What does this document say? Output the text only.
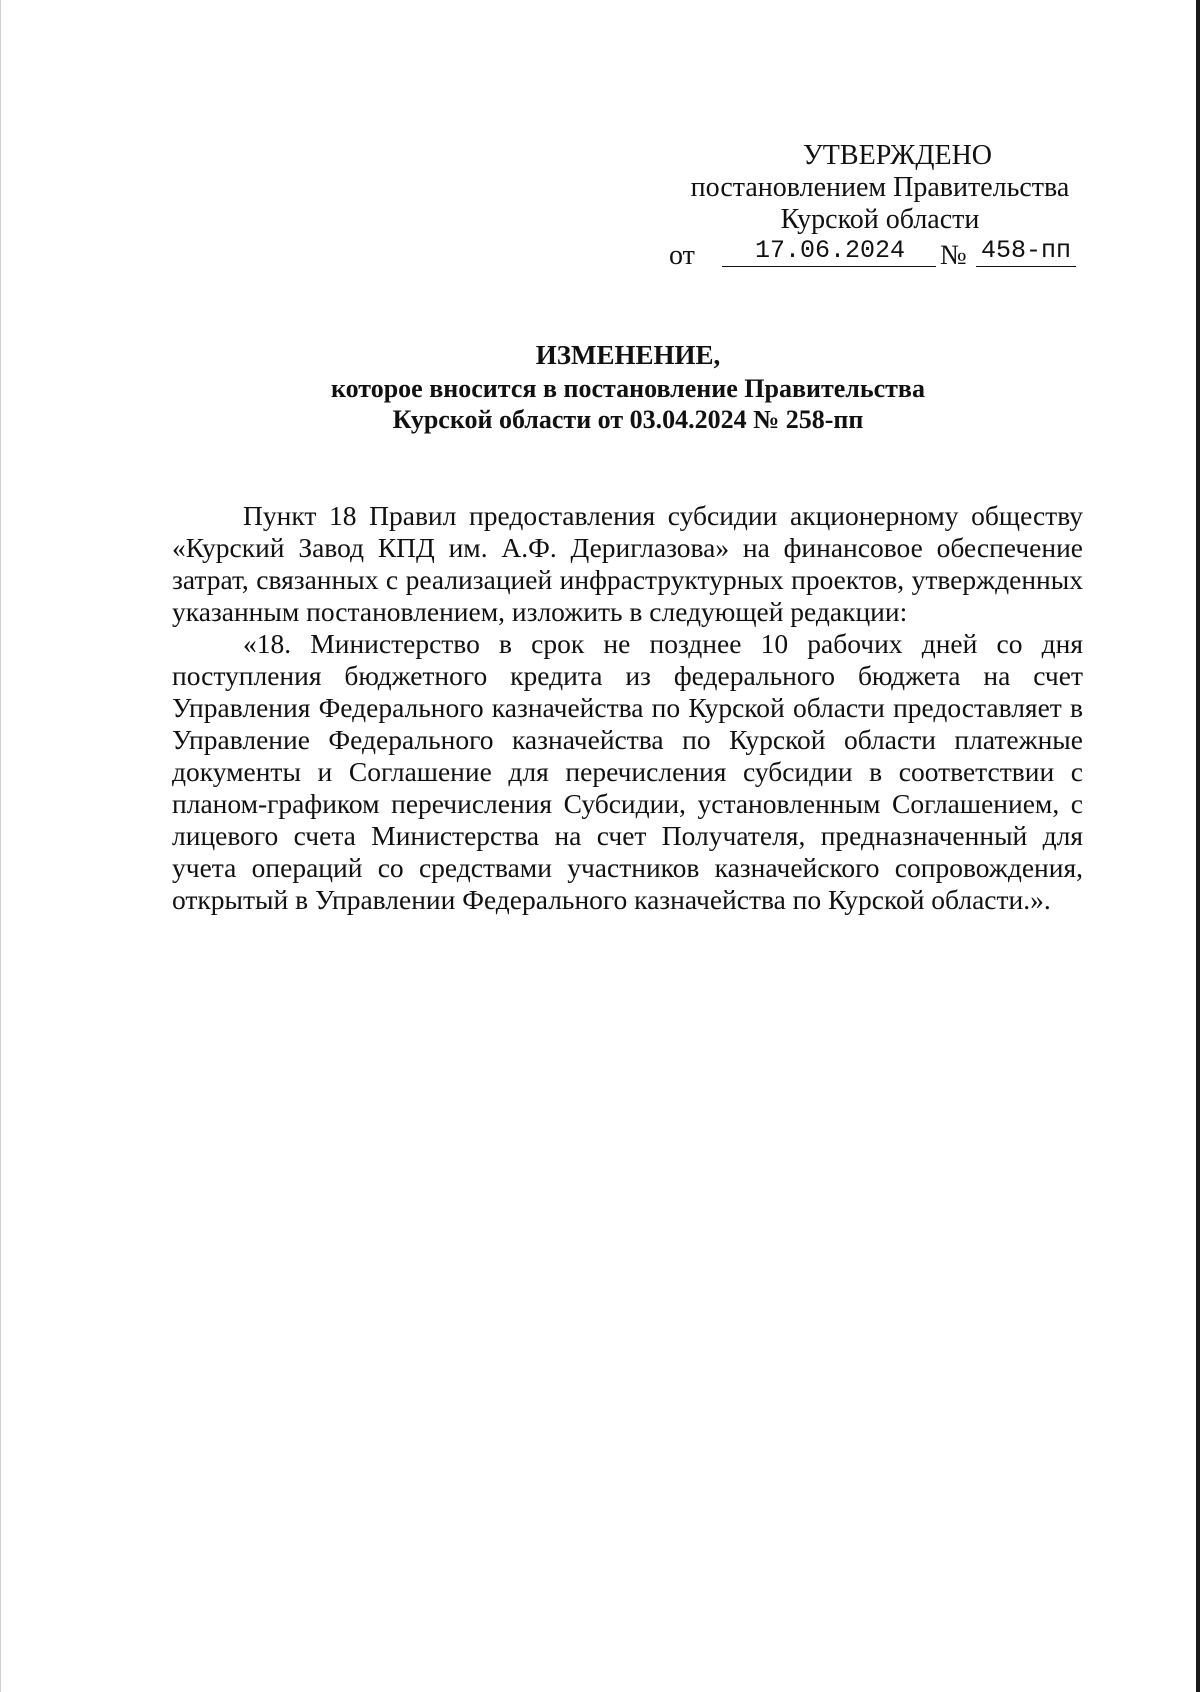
УТВЕРЖДЕНО
постановлением Правительства
Курской области
от	17.06.2024	№ 458-пп
ИЗМЕНЕНИЕ,
которое вносится в постановление Правительства
Курской области от 03.04.2024 № 258-пп

Пункт 18 Правил предоставления субсидии акционерному обществу «Курский Завод КПД им. А.Ф. Дериглазова» на финансовое обеспечение затрат, связанных с реализацией инфраструктурных проектов, утвержденных указанным постановлением, изложить в следующей редакции:

«18. Министерство в срок не позднее 10 рабочих дней со дня поступления бюджетного кредита из федерального бюджета на счет Управления Федерального казначейства по Курской области предоставляет в Управление Федерального казначейства по Курской области платежные документы и Соглашение для перечисления субсидии в соответствии с планом-графиком перечисления Субсидии, установленным Соглашением, с лицевого счета Министерства на счет Получателя, предназначенный для учета операций со средствами участников казначейского сопровождения, открытый в Управлении Федерального казначейства по Курской области.».
